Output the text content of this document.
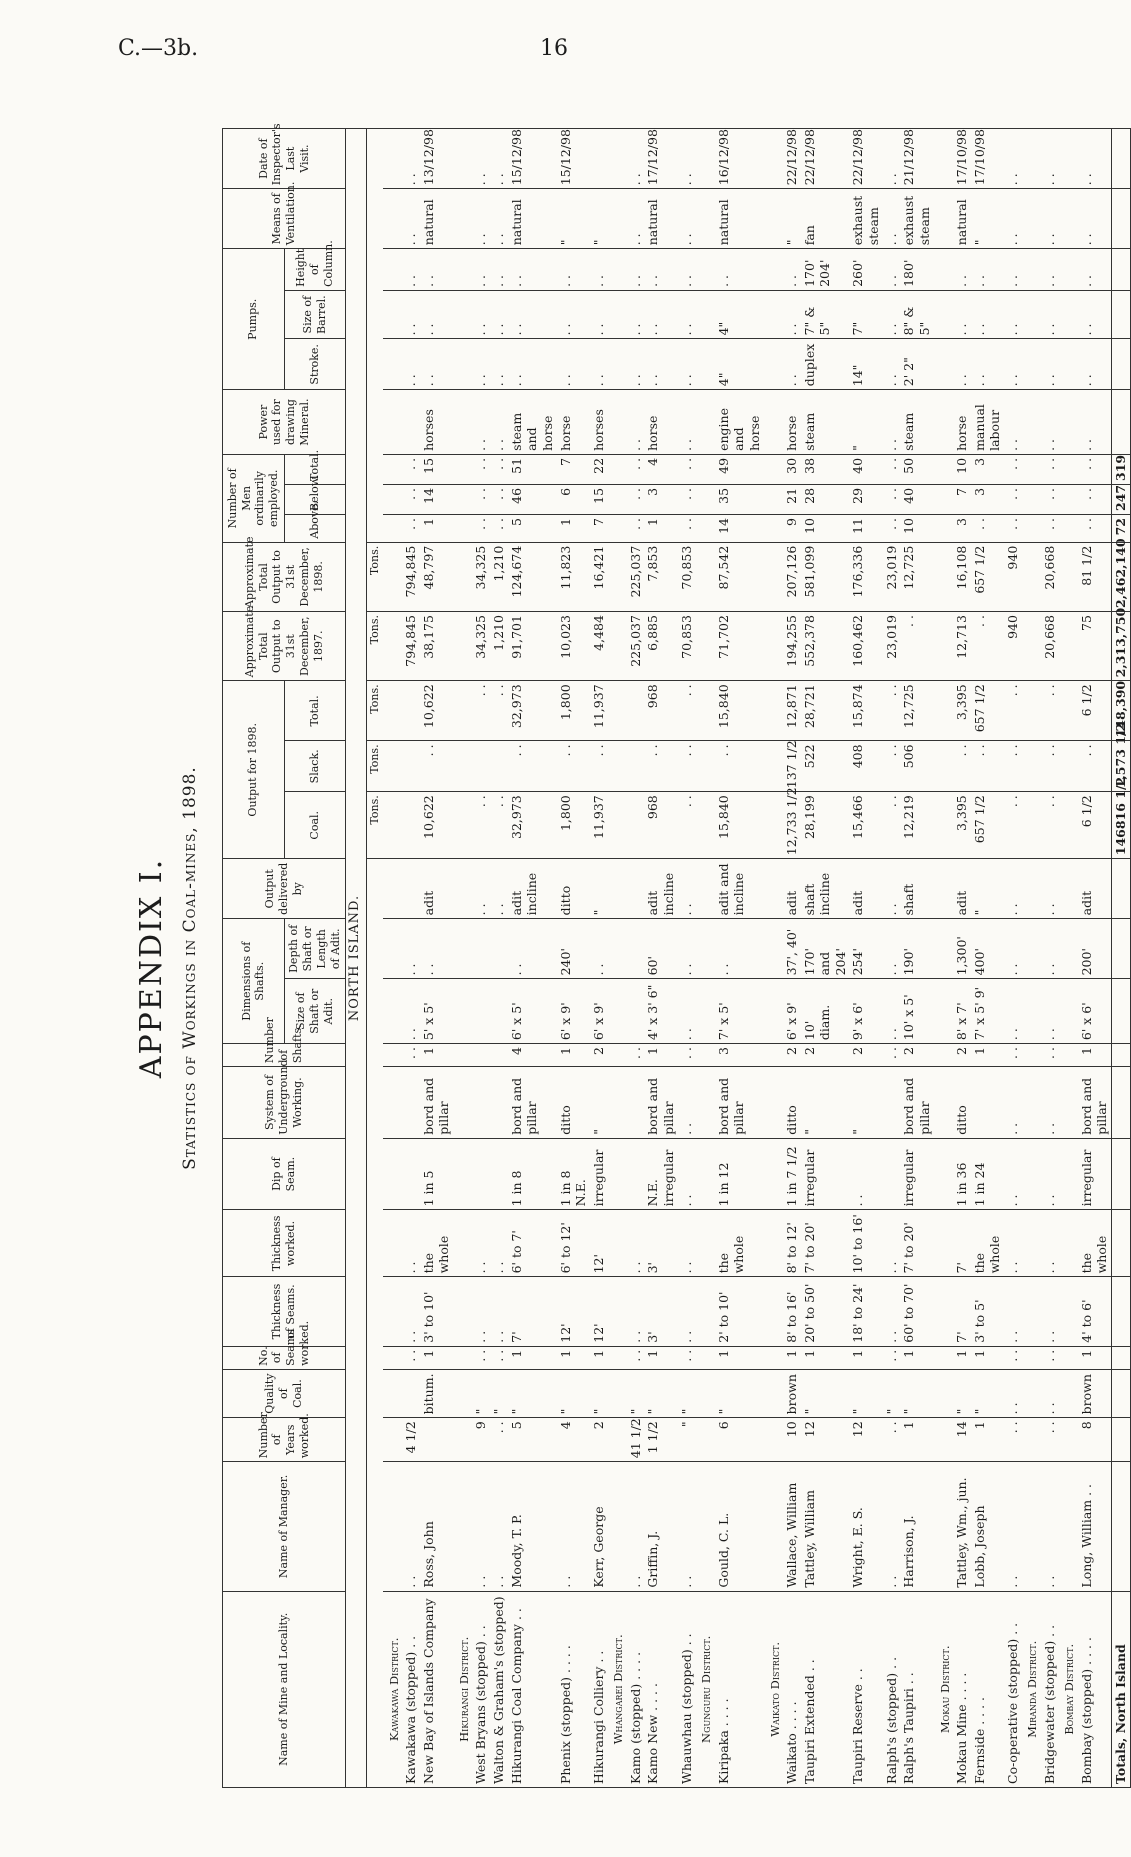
C.—3b.	16
APPENDIX I. Statistics of Workings in Coal-mines, 1898.
Name of Mine and Locality.	Name of Manager.	Number of Years worked.	Quality of Coal.	No. of Seams worked.	Thickness of Seams.	Thickness worked.	Dip of Seam.	System of Underground Working.	Number of Shafts.	Dimensions of Shafts.		Output delivered by	Output for 1898.			Approximate Total Output to 31st December, 1897.	Approximate Total Output to 31st December, 1898.	Number of Men ordinarily employed.			Power used for drawing Mineral.	Pumps.			Means of Ventilation.	Date of Inspector's Last Visit.
										Size of Shaft or Adit.	Depth of Shaft or Length of Adit.		Coal.	Slack.	Total.			Above.	Below.	Total.		Stroke.	Size of Barrel.	Height of Column.		
NORTH ISLAND.																										
													Tons.	Tons.	Tons.	Tons.	Tons.									
Kawakawa District.																										
Kawakawa (stopped) . .	. .	4 1/2		. .	. .	. .			. .	. .	. .					794,845	794,845	. .	. .	. .		. .	. .	. .	. .	. .
New Bay of Islands Company	Ross, John		bitum.	1	3' to 10'	the whole	1 in 5	bord and pillar	1	5' x 5'	. .	adit	10,622	. .	10,622	38,175	48,797	1	14	15	horses	. .	. .	. .	natural	13/12/98
Hikurangi District.																										
West Bryans (stopped) . .	. .	9	"	. .	. .	. .						. .	. .		. .	34,325	34,325	. .	. .	. .	. .	. .	. .	. .	. .	. .
Walton & Graham's (stopped)	. .	. .	"	. .	. .	. .						. .	. .		. .	1,210	1,210	. .	. .	. .	. .	. .	. .	. .	. .	. .
Hikurangi Coal Company . .	Moody, T. P.	5	"	1	7'	6' to 7'	1 in 8	bord and pillar	4	6' x 5'	. .	adit incline	32,973	. .	32,973	91,701	124,674	5	46	51	steam and horse	. .	. .	. .	natural	15/12/98
Phenix (stopped) . . . .	. .	4	"	1	12'	6' to 12'	1 in 8 N.E.	ditto	1	6' x 9'	240'	ditto	1,800	. .	1,800	10,023	11,823	1	6	7	horse	. .	. .	. .	"	15/12/98
Hikurangi Colliery . .	Kerr, George	2	"	1	12'	12'	irregular	"	2	6' x 9'	. .	"	11,937	. .	11,937	4,484	16,421	7	15	22	horses	. .	. .	. .	"	
Whangarei District.																										
Kamo (stopped) . . . .	. .	41 1/2	"	. .	. .	. .			. .							225,037	225,037	. .	. .	. .	. .	. .	. .	. .	. .	. .
Kamo New . . . .	Griffin, J.	1 1/2	"	1	3'	3'	N.E. irregular	bord and pillar	1	4' x 3' 6"	60'	adit incline	968	. .	968	6,885	7,853	1	3	4	horse	. .	. .	. .	natural	17/12/98
Whauwhau (stopped) . .	. .	"	"	. .	. .	. .	. .	. .	. .	. .	. .	. .	. .	. .	. .	70,853	70,853	. .	. .	. .	. .	. .	. .	. .	. .	. .
Ngunguru District.																										
Kiripaka . . . .	Gould, C. L.	6	"	1	2' to 10'	the whole	1 in 12	bord and pillar	3	7' x 5'	. .	adit and incline	15,840	. .	15,840	71,702	87,542	14	35	49	engine and horse	4"	4"	. .	natural	16/12/98
Waikato District.																										
Waikato . . . .	Wallace, William	10	brown	1	8' to 16'	8' to 12'	1 in 7 1/2	ditto	2	6' x 9'	37', 40'	adit	12,733 1/2	137 1/2	12,871	194,255	207,126	9	21	30	horse	. .	. .	. .	"	22/12/98
Taupiri Extended . .	Tattley, William	12	"	1	20' to 50'	7' to 20'	irregular	"	2	10' diam.	170' and 204'	shaft incline	28,199	522	28,721	552,378	581,099	10	28	38	steam	duplex	7" & 5"	170' 204'	fan	22/12/98
Taupiri Reserve . .	Wright, E. S.	12	"	1	18' to 24'	10' to 16'	. .	"	2	9' x 6'	254'	adit	15,466	408	15,874	160,462	176,336	11	29	40	"	14"	7"	260'	exhaust steam	22/12/98
Ralph's (stopped) . .	. .	. .	"	. .	. .	. .			. .	. .	. .	. .	. .	. .	. .	23,019	23,019	. .	. .	. .	. .	. .	. .	. .	. .	. .
Ralph's Taupiri . .	Harrison, J.	1	"	1	60' to 70'	7' to 20'	irregular	bord and pillar	2	10' x 5'	190'	shaft	12,219	506	12,725	. .	12,725	10	40	50	steam	2' 2"	8" & 5"	180'	exhaust steam	21/12/98
Mokau District.																										
Mokau Mine . . . .	Tattley, Wm., jun.	14	"	1	7'	7'	1 in 36	ditto	2	8' x 7'	1,300'	adit	3,395	. .	3,395	12,713	16,108	3	7	10	horse	. .	. .	. .	natural	17/10/98
Fernside . . . .	Lobb, Joseph	1	"	1	3' to 5'	the whole	1 in 24		1	7' x 5' 9'	400'	"	657 1/2	. .	657 1/2	. .	657 1/2	. .	3	3	manual labour	. .	. .	. .	"	17/10/98
Co-operative (stopped) . .	. .	. .	. .	. .	. .	. .	. .	. .	. .	. .	. .	. .	. .	. .	. .	940	940	. .	. .	. .	. .	. .	. .	. .	. .	. .
Miranda District.																										
Bridgewater (stopped) . .	. .	. .	. .	. .	. .	. .	. .	. .	. .	. .	. .	. .	. .	. .	. .	20,668	20,668	. .	. .	. .	. .	. .	. .	. .	. .	. .
Bombay District.																										
Bombay (stopped) . . . .	Long, William . .	8	brown	1	4' to 6'	the whole	irregular	bord and pillar	1	6' x 6'	200'	adit	6 1/2	. .	6 1/2	75	81 1/2	. .	. .	. .	. .	. .	. .	. .	. .	. .
Totals, North Island													146816 1/2	1,573 1/2	148,390	2,313,750	2,462,140	72	247	319						
